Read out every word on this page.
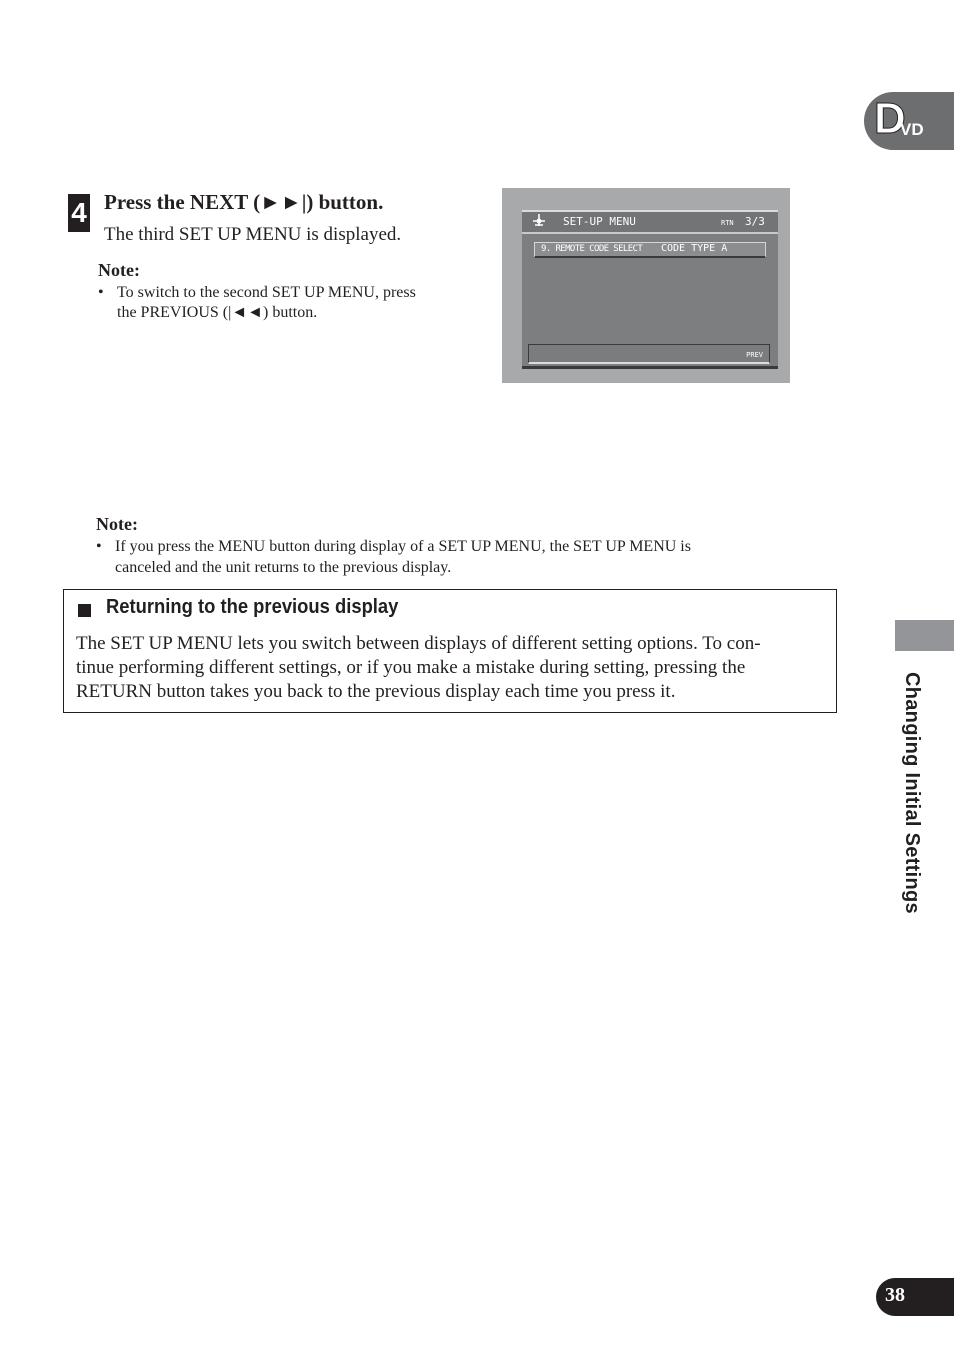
D
VD
4 Press the NEXT (►►|) button.
The third SET UP MENU is displayed.
Note:
• To switch to the second SET UP MENU, press
the PREVIOUS (|◄◄) button.
SET-UP MENU	RTN 3/3
9. REMOTE CODE SELECT CODE TYPE A
PREV
Note:
• If you press the MENU button during display of a SET UP MENU, the SET UP MENU is
canceled and the unit returns to the previous display.
Returning to the previous display
The SET UP MENU lets you switch between displays of different setting options. To con-
tinue performing different settings, or if you make a mistake during setting, pressing the
RETURN button takes you back to the previous display each time you press it.	Changing Initial Settings
38
